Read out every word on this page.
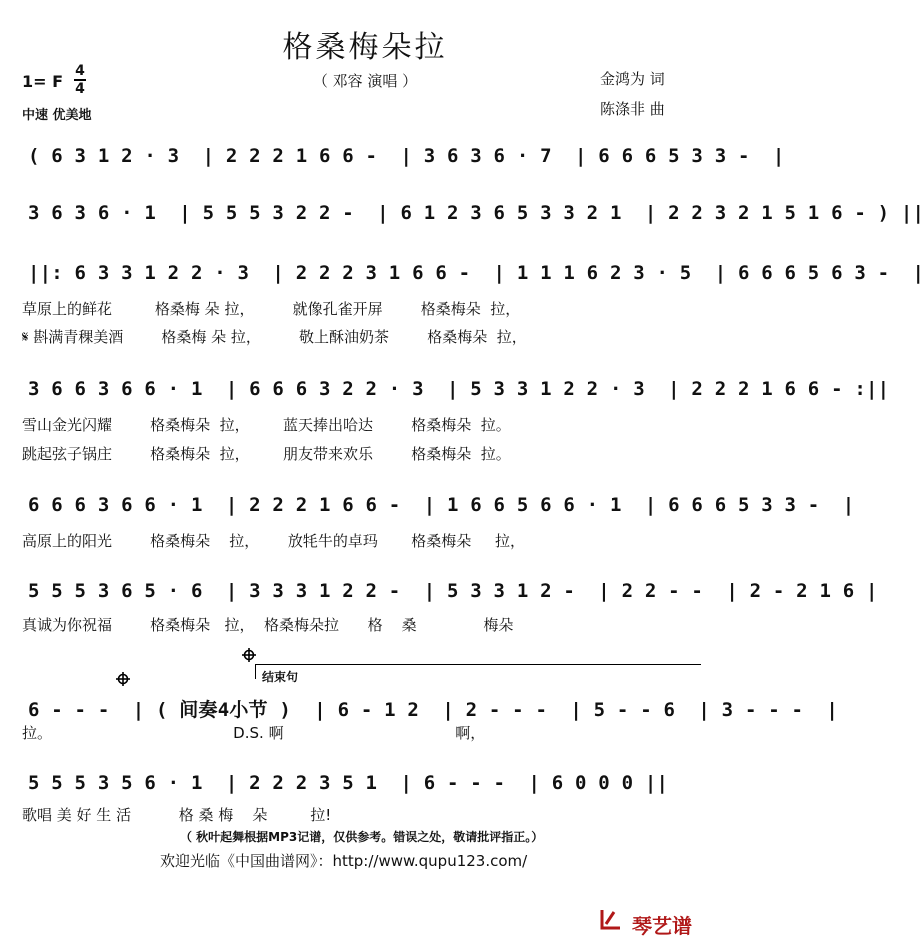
格桑梅朵拉
（ 邓容 演唱 ）
1= F
4
4
中速 优美地
金鸿为 词
陈涤非 曲
( 6 3 1 2 · 3  | 2 2 2 1 6 6 -  | 3 6 3 6 · 7  | 6 6 6 5 3 3 -  |
3 6 3 6 · 1  | 5 5 5 3 2 2 -  | 6 1 2 3 6 5 3 3 2 1  | 2 2 3 2 1 5 1 6 - ) ||
||: 6 3 3 1 2 2 · 3  | 2 2 2 3 1 6 6 -  | 1 1 1 6 2 3 · 5  | 6 6 6 5 6 3 -  |
草原上的鲜花         格桑梅 朵 拉，        就像孔雀开屏        格桑梅朵  拉，
𝄋 斟满青稞美酒        格桑梅 朵 拉，        敬上酥油奶茶        格桑梅朵  拉，
3 6 6 3 6 6 · 1  | 6 6 6 3 2 2 · 3  | 5 3 3 1 2 2 · 3  | 2 2 2 1 6 6 - :||
雪山金光闪耀        格桑梅朵  拉，       蓝天捧出哈达        格桑梅朵  拉。
跳起弦子锅庄        格桑梅朵  拉，       朋友带来欢乐        格桑梅朵  拉。
6 6 6 3 6 6 · 1  | 2 2 2 1 6 6 -  | 1 6 6 5 6 6 · 1  | 6 6 6 5 3 3 -  |
高原上的阳光        格桑梅朵    拉，      放牦牛的卓玛       格桑梅朵     拉，
5 5 5 3 6 5 · 6  | 3 3 3 1 2 2 -  | 5 3 3 1 2 -  | 2 2 - -  | 2 - 2 1 6 |
真诚为你祝福        格桑梅朵   拉，  格桑梅朵拉      格    桑              梅朵
结束句
6 - - -  | ( 间奏4小节 )  | 6 - 1 2  | 2 - - -  | 5 - - 6  | 3 - - -  |
拉。                                      D.S. 啊                                    啊，
5 5 5 3 5 6 · 1  | 2 2 2 3 5 1  | 6 - - -  | 6 0 0 0 ||
歌唱 美 好 生 活          格 桑 梅    朵         拉!
（ 秋叶起舞根据MP3记谱，仅供参考。错误之处，敬请批评指正。）
欢迎光临《中国曲谱网》：http://www.qupu123.com/
琴艺谱
